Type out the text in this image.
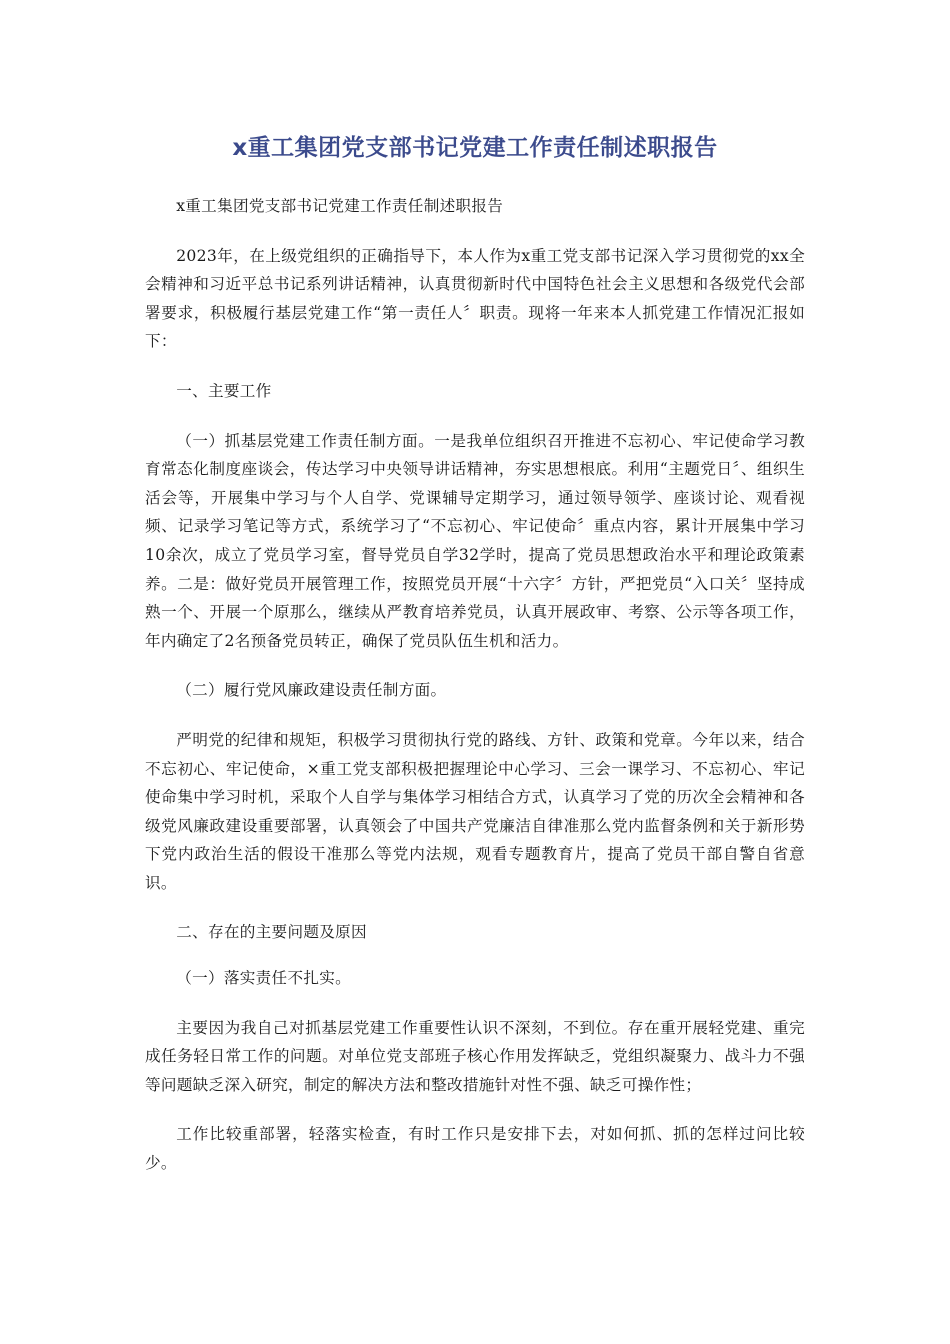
x重工集团党支部书记党建工作责任制述职报告

x重工集团党支部书记党建工作责任制述职报告

2023年，在上级党组织的正确指导下，本人作为x重工党支部书记深入学习贯彻党的xx全会精神和习近平总书记系列讲话精神，认真贯彻新时代中国特色社会主义思想和各级党代会部署要求，积极履行基层党建工作“第一责任人〞职责。现将一年来本人抓党建工作情况汇报如下：

一、主要工作

（一）抓基层党建工作责任制方面。一是我单位组织召开推进不忘初心、牢记使命学习教育常态化制度座谈会，传达学习中央领导讲话精神，夯实思想根底。利用“主题党日〞、组织生活会等，开展集中学习与个人自学、党课辅导定期学习，通过领导领学、座谈讨论、观看视频、记录学习笔记等方式，系统学习了“不忘初心、牢记使命〞重点内容，累计开展集中学习10余次，成立了党员学习室，督导党员自学32学时，提高了党员思想政治水平和理论政策素养。二是：做好党员开展管理工作，按照党员开展“十六字〞方针，严把党员“入口关〞坚持成熟一个、开展一个原那么，继续从严教育培养党员，认真开展政审、考察、公示等各项工作，年内确定了2名预备党员转正，确保了党员队伍生机和活力。

（二）履行党风廉政建设责任制方面。

严明党的纪律和规矩，积极学习贯彻执行党的路线、方针、政策和党章。今年以来，结合不忘初心、牢记使命，×重工党支部积极把握理论中心学习、三会一课学习、不忘初心、牢记使命集中学习时机，采取个人自学与集体学习相结合方式，认真学习了党的历次全会精神和各级党风廉政建设重要部署，认真领会了中国共产党廉洁自律准那么党内监督条例和关于新形势下党内政治生活的假设干准那么等党内法规，观看专题教育片，提高了党员干部自警自省意识。

二、存在的主要问题及原因

（一）落实责任不扎实。

主要因为我自己对抓基层党建工作重要性认识不深刻，不到位。存在重开展轻党建、重完成任务轻日常工作的问题。对单位党支部班子核心作用发挥缺乏，党组织凝聚力、战斗力不强等问题缺乏深入研究，制定的解决方法和整改措施针对性不强、缺乏可操作性；

工作比较重部署，轻落实检查，有时工作只是安排下去，对如何抓、抓的怎样过问比较少。
